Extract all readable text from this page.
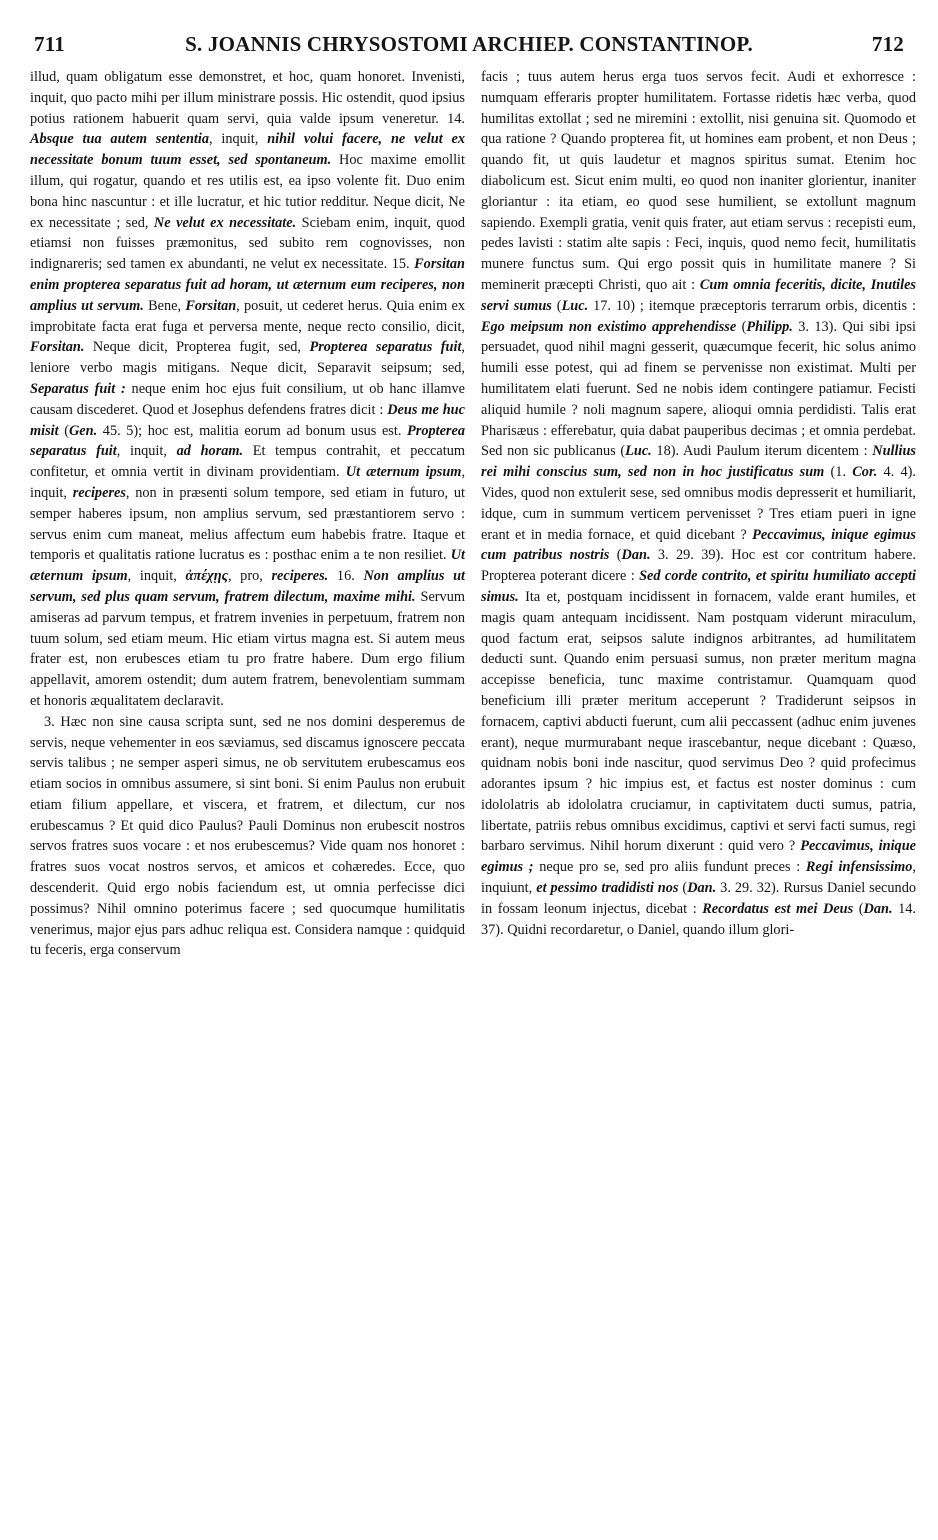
711	S. JOANNIS CHRYSOSTOMI ARCHIEP. CONSTANTINOP.	712

illud, quam obligatum esse demonstret, et hoc, quam honoret. Invenisti, inquit, quo pacto mihi per illum ministrare possis. Hic ostendit, quod ipsius potius rationem habuerit quam servi, quia valde ipsum veneretur. 14. Absque tua autem sententia, inquit, nihil volui facere, ne velut ex necessitate bonum tuum esset, sed spontaneum. Hoc maxime emollit illum, qui rogatur, quando et res utilis est, ea ipso volente fit. Duo enim bona hinc nascuntur : et ille lucratur, et hic tutior redditur. Neque dicit, Ne ex necessitate ; sed, Ne velut ex necessitate. Sciebam enim, inquit, quod etiamsi non fuisses præmonitus, sed subito rem cognovisses, non indignareris; sed tamen ex abundanti, ne velut ex necessitate. 15. Forsitan enim propterea separatus fuit ad horam, ut æternum eum reciperes, non amplius ut servum. Bene, Forsitan, posuit, ut cederet herus. Quia enim ex improbitate facta erat fuga et perversa mente, neque recto consilio, dicit, Forsitan. Neque dicit, Propterea fugit, sed, Propterea separatus fuit, leniore verbo magis mitigans. Neque dicit, Separavit seipsum; sed, Separatus fuit : neque enim hoc ejus fuit consilium, ut ob hanc illamve causam discederet. Quod et Josephus defendens fratres dicit : Deus me huc misit (Gen. 45. 5); hoc est, malitia eorum ad bonum usus est. Propterea separatus fuit, inquit, ad horam. Et tempus contrahit, et peccatum confitetur, et omnia vertit in divinam providentiam. Ut æternum ipsum, inquit, reciperes, non in præsenti solum tempore, sed etiam in futuro, ut semper haberes ipsum, non amplius servum, sed præstantiorem servo : servus enim cum maneat, melius affectum eum habebis fratre. Itaque et temporis et qualitatis ratione lucratus es : posthac enim a te non resiliet. Ut æternum ipsum, inquit, ἀπέχῃς, pro, reciperes. 16. Non amplius ut servum, sed plus quam servum, fratrem dilectum, maxime mihi. Servum amiseras ad parvum tempus, et fratrem invenies in perpetuum, fratrem non tuum solum, sed etiam meum. Hic etiam virtus magna est. Si autem meus frater est, non erubesces etiam tu pro fratre habere. Dum ergo filium appellavit, amorem ostendit; dum autem fratrem, benevolentiam summam et honoris æqualitatem declaravit.

3. Hæc non sine causa scripta sunt, sed ne nos domini desperemus de servis, neque vehementer in eos sæviamus, sed discamus ignoscere peccata servis talibus ; ne semper asperi simus, ne ob servitutem erubescamus eos etiam socios in omnibus assumere, si sint boni. Si enim Paulus non erubuit etiam filium appellare, et viscera, et fratrem, et dilectum, cur nos erubescamus ? Et quid dico Paulus? Pauli Dominus non erubescit nostros servos fratres suos vocare : et nos erubescemus? Vide quam nos honoret : fratres suos vocat nostros servos, et amicos et cohæredes. Ecce, quo descenderit. Quid ergo nobis faciendum est, ut omnia perfecisse dici possimus? Nihil omnino poterimus facere ; sed quocumque humilitatis venerimus, major ejus pars adhuc reliqua est. Considera namque : quidquid tu feceris, erga conservum

facis ; tuus autem herus erga tuos servos fecit. Audi et exhorresce : numquam efferaris propter humilitatem. Fortasse ridetis hæc verba, quod humilitas extollat ; sed ne miremini : extollit, nisi genuina sit. Quomodo et qua ratione ? Quando propterea fit, ut homines eam probent, et non Deus ; quando fit, ut quis laudetur et magnos spiritus sumat. Etenim hoc diabolicum est. Sicut enim multi, eo quod non inaniter glorientur, inaniter gloriantur : ita etiam, eo quod sese humilient, se extollunt magnum sapiendo. Exempli gratia, venit quis frater, aut etiam servus : recepisti eum, pedes lavisti : statim alte sapis : Feci, inquis, quod nemo fecit, humilitatis munere functus sum. Qui ergo possit quis in humilitate manere ? Si meminerit præcepti Christi, quo ait : Cum omnia feceritis, dicite, Inutiles servi sumus (Luc. 17. 10) ; itemque præceptoris terrarum orbis, dicentis : Ego meipsum non existimo apprehendisse (Philipp. 3. 13). Qui sibi ipsi persuadet, quod nihil magni gesserit, quæcumque fecerit, hic solus animo humili esse potest, qui ad finem se pervenisse non existimat. Multi per humilitatem elati fuerunt. Sed ne nobis idem contingere patiamur. Fecisti aliquid humile ? noli magnum sapere, alioqui omnia perdidisti. Talis erat Pharisæus : efferebatur, quia dabat pauperibus decimas ; et omnia perdebat. Sed non sic publicanus (Luc. 18). Audi Paulum iterum dicentem : Nullius rei mihi conscius sum, sed non in hoc justificatus sum (1. Cor. 4. 4). Vides, quod non extulerit sese, sed omnibus modis depresserit et humiliarit, idque, cum in summum verticem pervenisset ? Tres etiam pueri in igne erant et in media fornace, et quid dicebant ? Peccavimus, inique egimus cum patribus nostris (Dan. 3. 29. 39). Hoc est cor contritum habere. Propterea poterant dicere : Sed corde contrito, et spiritu humiliato accepti simus. Ita et, postquam incidissent in fornacem, valde erant humiles, et magis quam antequam incidissent. Nam postquam viderunt miraculum, quod factum erat, seipsos salute indignos arbitrantes, ad humilitatem deducti sunt. Quando enim persuasi sumus, non præter meritum magna accepisse beneficia, tunc maxime contristamur. Quamquam quod beneficium illi præter meritum acceperunt ? Tradiderunt seipsos in fornacem, captivi abducti fuerunt, cum alii peccassent (adhuc enim juvenes erant), neque murmurabant neque irascebantur, neque dicebant : Quæso, quidnam nobis boni inde nascitur, quod servimus Deo ? quid profecimus adorantes ipsum ? hic impius est, et factus est noster dominus : cum idololatris ab idololatra cruciamur, in captivitatem ducti sumus, patria, libertate, patriis rebus omnibus excidimus, captivi et servi facti sumus, regi barbaro servimus. Nihil horum dixerunt : quid vero ? Peccavimus, inique egimus ; neque pro se, sed pro aliis fundunt preces : Regi infensissimo, inquiunt, et pessimo tradidisti nos (Dan. 3. 29. 32). Rursus Daniel secundo in fossam leonum injectus, dicebat : Recordatus est mei Deus (Dan. 14. 37). Quidni recordaretur, o Daniel, quando illum glori-
